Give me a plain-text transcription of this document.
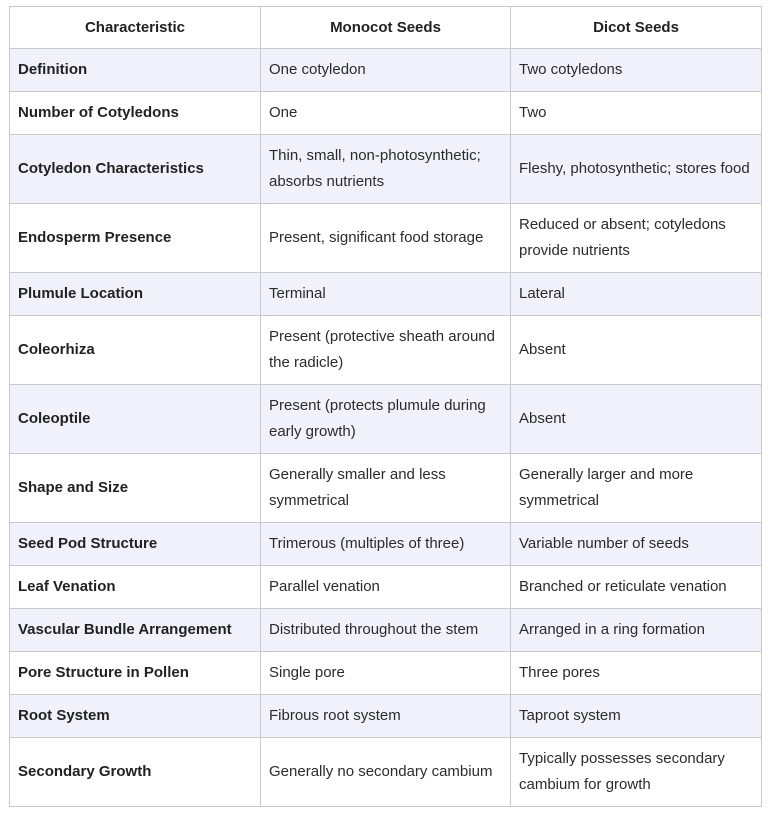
Characteristic	Monocot Seeds	Dicot Seeds
Definition	One cotyledon	Two cotyledons
Number of Cotyledons	One	Two
Cotyledon Characteristics	Thin, small, non-photosynthetic; absorbs nutrients	Fleshy, photosynthetic; stores food
Endosperm Presence	Present, significant food storage	Reduced or absent; cotyledons provide nutrients
Plumule Location	Terminal	Lateral
Coleorhiza	Present (protective sheath around the radicle)	Absent
Coleoptile	Present (protects plumule during early growth)	Absent
Shape and Size	Generally smaller and less symmetrical	Generally larger and more symmetrical
Seed Pod Structure	Trimerous (multiples of three)	Variable number of seeds
Leaf Venation	Parallel venation	Branched or reticulate venation
Vascular Bundle Arrangement	Distributed throughout the stem	Arranged in a ring formation
Pore Structure in Pollen	Single pore	Three pores
Root System	Fibrous root system	Taproot system
Secondary Growth	Generally no secondary cambium	Typically possesses secondary cambium for growth
